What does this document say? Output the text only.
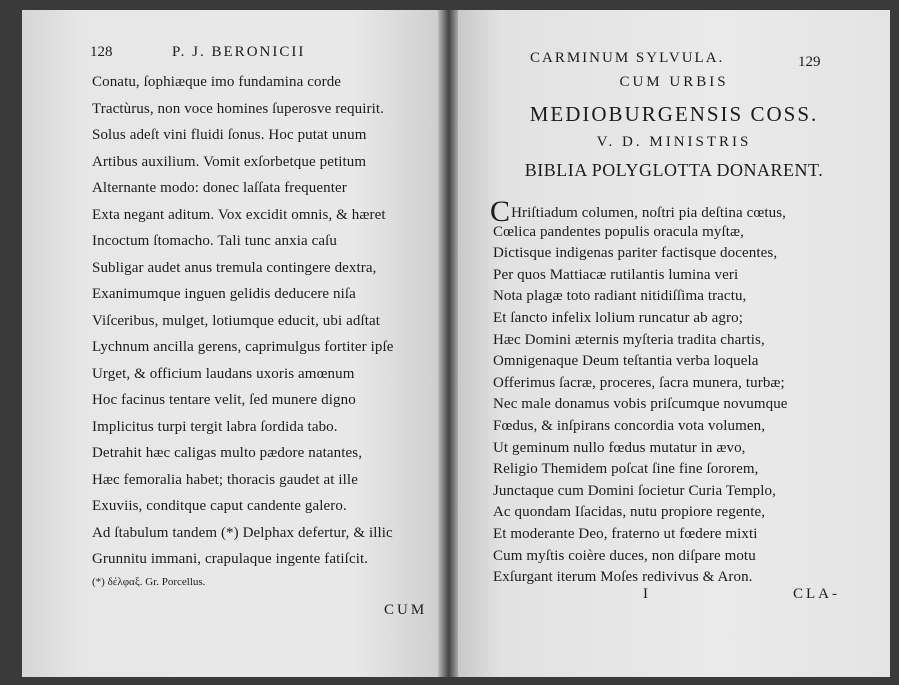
128	P. J. BERONICII
Conatu, ſophiæque imo fundamina corde
Tractùrus, non voce homines ſuperosve requirit.
Solus adeſt vini fluidi ſonus. Hoc putat unum
Artibus auxilium. Vomit exſorbetque petitum
Alternante modo: donec laſſata frequenter
Exta negant aditum. Vox excidit omnis, & hæret
Incoctum ſtomacho. Tali tunc anxia caſu
Subligar audet anus tremula contingere dextra,
Exanimumque inguen gelidis deducere niſa
Viſceribus, mulget, lotiumque educit, ubi adſtat
Lychnum ancilla gerens, caprimulgus fortiter ipſe
Urget, & officium laudans uxoris amœnum
Hoc facinus tentare velit, ſed munere digno
Implicitus turpi tergit labra ſordida tabo.
Detrahit hæc caligas multo pædore natantes,
Hæc femoralia habet; thoracis gaudet at ille
Exuviis, conditque caput candente galero.
Ad ſtabulum tandem (*) Delphax defertur, & illic
Grunnitu immani, crapulaque ingente fatiſcit.
(*) δέλφαξ. Gr. Porcellus.
CUM
CARMINUM SYLVULA.	129
CUM URBIS
MEDIOBURGENSIS COSS.
V. D. MINISTRIS
BIBLIA POLYGLOTTA DONARENT.
CHriſtiadum columen, noſtri pia deſtina cœtus,
Cœlica pandentes populis oracula myſtæ,
Dictisque indigenas pariter factisque docentes,
Per quos Mattiacæ rutilantis lumina veri
Nota plagæ toto radiant nitidiſſima tractu,
Et ſancto infelix lolium runcatur ab agro;
Hæc Domini æternis myſteria tradita chartis,
Omnigenaque Deum teſtantia verba loquela
Offerimus ſacræ, proceres, ſacra munera, turbæ;
Nec male donamus vobis priſcumque novumque
Fœdus, & inſpirans concordia vota volumen,
Ut geminum nullo fœdus mutatur in ævo,
Religio Themidem poſcat ſine fine ſororem,
Junctaque cum Domini ſocietur Curia Templo,
Ac quondam Iſacidas, nutu propiore regente,
Et moderante Deo, fraterno ut fœdere mixti
Cum myſtis coière duces, non diſpare motu
Exſurgant iterum Moſes redivivus & Aron.
I	CLA-
